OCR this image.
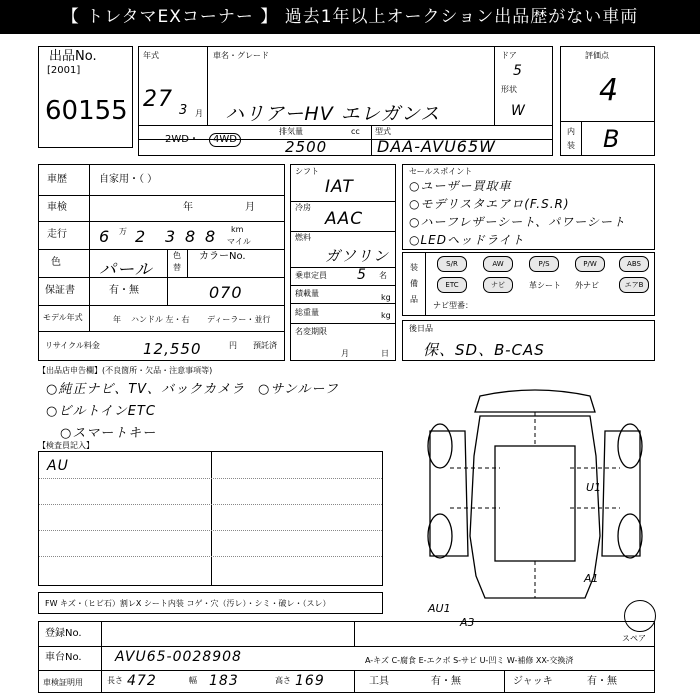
【 トレタマEXコーナー 】 過去1年以上オークション出品歴がない車両
出品No.
[2001]
60155
年式
27 3 月
車名・グレード
ハリアーHV エレガンス
ドア
5
形状
W
2WD・	4WD
排気量	cc
2500
型式
DAA-AVU65W
評価点
4
内
装 B
車歴	自家用・（ ）
車検	年	月
走行 6 万 2 3 8 8 km
マイル
色 パール
色
替
カラーNo.
070
保証書	有・無
モデル年式	年 ハンドル 左・右 ディーラー・並行
リサイクル料金	12,550	円 預託済
シフト
IAT
冷房
AAC
燃料
ガソリン
乗車定員 5 名
積載量	kg
総重量	kg
名変期限
月	日
セールスポイント
○ユーザー買取車
○モデリスタエアロ(F.S.R)
○ハーフレザーシート、パワーシート
○LEDヘッドライト
装
備
品
S/R	AW	P/S	P/W	ABS
ETC	ナビ	革シート 外ナビ	エアB
ナビ型番：
後日品
保、SD、B-CAS
【出品店申告欄】(不良箇所・欠品・注意事項等)
○純正ナビ、TV、バックカメラ ○サンルーフ
○ビルトインETC
○スマートキー
【検査員記入】
AU
U1
A1
AU1
A3
スペア
FW キズ・（ヒビ石）割レX シート内装 コゲ・穴（汚レ）・シミ・破レ・（スレ）
登録No.
車台No. AVU65-0028908	A-キズ C-腐食 E-エクボ S-サビ U-凹ミ W-補修 XX-交換済
車検証明用	長さ 472	幅 183	高さ 169	工具	有・無	ジャッキ	有・無
